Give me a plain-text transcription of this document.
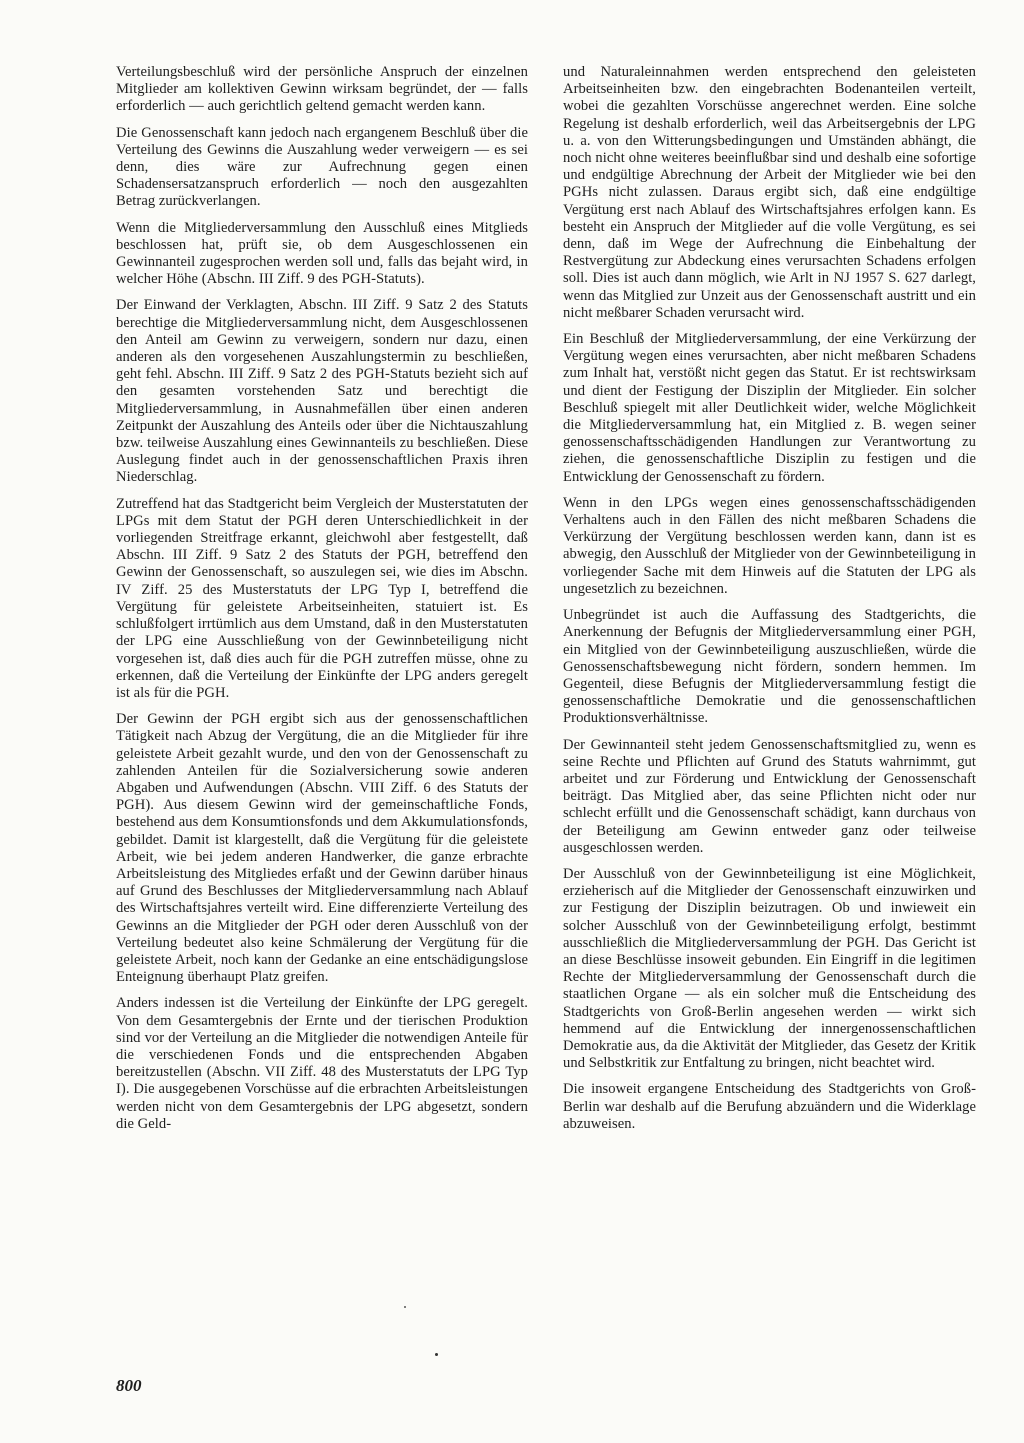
Verteilungsbeschluß wird der persönliche Anspruch der einzelnen Mitglieder am kollektiven Gewinn wirksam begründet, der — falls erforderlich — auch gerichtlich geltend gemacht werden kann.

Die Genossenschaft kann jedoch nach ergangenem Beschluß über die Verteilung des Gewinns die Auszahlung weder verweigern — es sei denn, dies wäre zur Aufrechnung gegen einen Schadensersatzanspruch erforderlich — noch den ausgezahlten Betrag zurückverlangen.

Wenn die Mitgliederversammlung den Ausschluß eines Mitglieds beschlossen hat, prüft sie, ob dem Ausgeschlossenen ein Gewinnanteil zugesprochen werden soll und, falls das bejaht wird, in welcher Höhe (Abschn. III Ziff. 9 des PGH-Statuts).

Der Einwand der Verklagten, Abschn. III Ziff. 9 Satz 2 des Statuts berechtige die Mitgliederversammlung nicht, dem Ausgeschlossenen den Anteil am Gewinn zu verweigern, sondern nur dazu, einen anderen als den vorgesehenen Auszahlungstermin zu beschließen, geht fehl. Abschn. III Ziff. 9 Satz 2 des PGH-Statuts bezieht sich auf den gesamten vorstehenden Satz und berechtigt die Mitgliederversammlung, in Ausnahmefällen über einen anderen Zeitpunkt der Auszahlung des Anteils oder über die Nichtauszahlung bzw. teilweise Auszahlung eines Gewinnanteils zu beschließen. Diese Auslegung findet auch in der genossenschaftlichen Praxis ihren Niederschlag.

Zutreffend hat das Stadtgericht beim Vergleich der Musterstatuten der LPGs mit dem Statut der PGH deren Unterschiedlichkeit in der vorliegenden Streitfrage erkannt, gleichwohl aber festgestellt, daß Abschn. III Ziff. 9 Satz 2 des Statuts der PGH, betreffend den Gewinn der Genossenschaft, so auszulegen sei, wie dies im Abschn. IV Ziff. 25 des Musterstatuts der LPG Typ I, betreffend die Vergütung für geleistete Arbeitseinheiten, statuiert ist. Es schlußfolgert irrtümlich aus dem Umstand, daß in den Musterstatuten der LPG eine Ausschließung von der Gewinnbeteiligung nicht vorgesehen ist, daß dies auch für die PGH zutreffen müsse, ohne zu erkennen, daß die Verteilung der Einkünfte der LPG anders geregelt ist als für die PGH.

Der Gewinn der PGH ergibt sich aus der genossenschaftlichen Tätigkeit nach Abzug der Vergütung, die an die Mitglieder für ihre geleistete Arbeit gezahlt wurde, und den von der Genossenschaft zu zahlenden Anteilen für die Sozialversicherung sowie anderen Abgaben und Aufwendungen (Abschn. VIII Ziff. 6 des Statuts der PGH). Aus diesem Gewinn wird der gemeinschaftliche Fonds, bestehend aus dem Konsumtionsfonds und dem Akkumulationsfonds, gebildet. Damit ist klargestellt, daß die Vergütung für die geleistete Arbeit, wie bei jedem anderen Handwerker, die ganze erbrachte Arbeitsleistung des Mitgliedes erfaßt und der Gewinn darüber hinaus auf Grund des Beschlusses der Mitgliederversammlung nach Ablauf des Wirtschaftsjahres verteilt wird. Eine differenzierte Verteilung des Gewinns an die Mitglieder der PGH oder deren Ausschluß von der Verteilung bedeutet also keine Schmälerung der Vergütung für die geleistete Arbeit, noch kann der Gedanke an eine entschädigungslose Enteignung überhaupt Platz greifen.

Anders indessen ist die Verteilung der Einkünfte der LPG geregelt. Von dem Gesamtergebnis der Ernte und der tierischen Produktion sind vor der Verteilung an die Mitglieder die notwendigen Anteile für die verschiedenen Fonds und die entsprechenden Abgaben bereitzustellen (Abschn. VII Ziff. 48 des Musterstatuts der LPG Typ I). Die ausgegebenen Vorschüsse auf die erbrachten Arbeitsleistungen werden nicht von dem Gesamtergebnis der LPG abgesetzt, sondern die Geld-

und Naturaleinnahmen werden entsprechend den geleisteten Arbeitseinheiten bzw. den eingebrachten Bodenanteilen verteilt, wobei die gezahlten Vorschüsse angerechnet werden. Eine solche Regelung ist deshalb erforderlich, weil das Arbeitsergebnis der LPG u. a. von den Witterungsbedingungen und Umständen abhängt, die noch nicht ohne weiteres beeinflußbar sind und deshalb eine sofortige und endgültige Abrechnung der Arbeit der Mitglieder wie bei den PGHs nicht zulassen. Daraus ergibt sich, daß eine endgültige Vergütung erst nach Ablauf des Wirtschaftsjahres erfolgen kann. Es besteht ein Anspruch der Mitglieder auf die volle Vergütung, es sei denn, daß im Wege der Aufrechnung die Einbehaltung der Restvergütung zur Abdeckung eines verursachten Schadens erfolgen soll. Dies ist auch dann möglich, wie Arlt in NJ 1957 S. 627 darlegt, wenn das Mitglied zur Unzeit aus der Genossenschaft austritt und ein nicht meßbarer Schaden verursacht wird.

Ein Beschluß der Mitgliederversammlung, der eine Verkürzung der Vergütung wegen eines verursachten, aber nicht meßbaren Schadens zum Inhalt hat, verstößt nicht gegen das Statut. Er ist rechtswirksam und dient der Festigung der Disziplin der Mitglieder. Ein solcher Beschluß spiegelt mit aller Deutlichkeit wider, welche Möglichkeit die Mitgliederversammlung hat, ein Mitglied z. B. wegen seiner genossenschaftsschädigenden Handlungen zur Verantwortung zu ziehen, die genossenschaftliche Disziplin zu festigen und die Entwicklung der Genossenschaft zu fördern.

Wenn in den LPGs wegen eines genossenschaftsschädigenden Verhaltens auch in den Fällen des nicht meßbaren Schadens die Verkürzung der Vergütung beschlossen werden kann, dann ist es abwegig, den Ausschluß der Mitglieder von der Gewinnbeteiligung in vorliegender Sache mit dem Hinweis auf die Statuten der LPG als ungesetzlich zu bezeichnen.

Unbegründet ist auch die Auffassung des Stadtgerichts, die Anerkennung der Befugnis der Mitgliederversammlung einer PGH, ein Mitglied von der Gewinnbeteiligung auszuschließen, würde die Genossenschaftsbewegung nicht fördern, sondern hemmen. Im Gegenteil, diese Befugnis der Mitgliederversammlung festigt die genossenschaftliche Demokratie und die genossenschaftlichen Produktionsverhältnisse.

Der Gewinnanteil steht jedem Genossenschaftsmitglied zu, wenn es seine Rechte und Pflichten auf Grund des Statuts wahrnimmt, gut arbeitet und zur Förderung und Entwicklung der Genossenschaft beiträgt. Das Mitglied aber, das seine Pflichten nicht oder nur schlecht erfüllt und die Genossenschaft schädigt, kann durchaus von der Beteiligung am Gewinn entweder ganz oder teilweise ausgeschlossen werden.

Der Ausschluß von der Gewinnbeteiligung ist eine Möglichkeit, erzieherisch auf die Mitglieder der Genossenschaft einzuwirken und zur Festigung der Disziplin beizutragen. Ob und inwieweit ein solcher Ausschluß von der Gewinnbeteiligung erfolgt, bestimmt ausschließlich die Mitgliederversammlung der PGH. Das Gericht ist an diese Beschlüsse insoweit gebunden. Ein Eingriff in die legitimen Rechte der Mitgliederversammlung der Genossenschaft durch die staatlichen Organe — als ein solcher muß die Entscheidung des Stadtgerichts von Groß-Berlin angesehen werden — wirkt sich hemmend auf die Entwicklung der innergenossenschaftlichen Demokratie aus, da die Aktivität der Mitglieder, das Gesetz der Kritik und Selbstkritik zur Entfaltung zu bringen, nicht beachtet wird.

Die insoweit ergangene Entscheidung des Stadtgerichts von Groß-Berlin war deshalb auf die Berufung abzuändern und die Widerklage abzuweisen.

800
